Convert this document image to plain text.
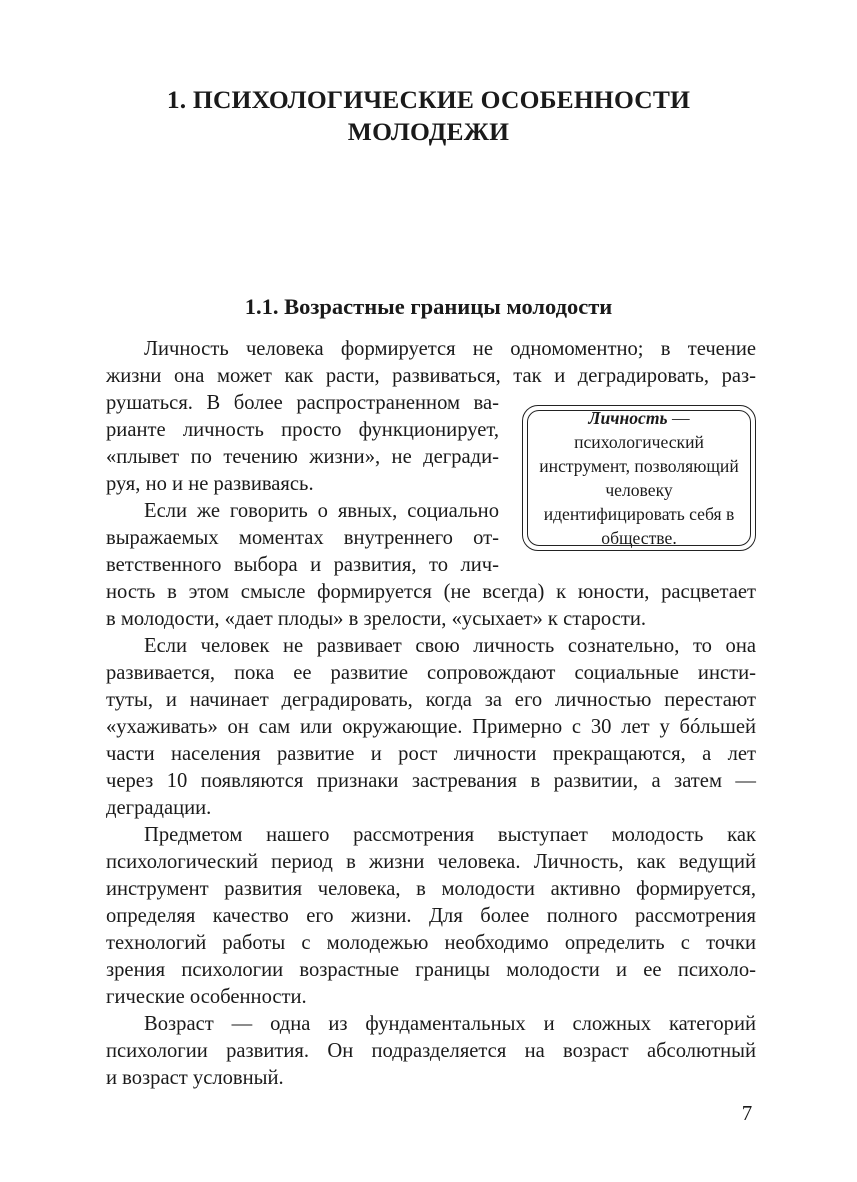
1. ПСИХОЛОГИЧЕСКИЕ ОСОБЕННОСТИ
МОЛОДЕЖИ
1.1. Возрастные границы молодости
Личность человека формируется не одномоментно; в течение
жизни она может как расти, развиваться, так и деградировать, раз-
рушаться. В более распространенном ва-
рианте личность просто функционирует,
«плывет по течению жизни», не дегради-
руя, но и не развиваясь.
Если же говорить о явных, социально
выражаемых моментах внутреннего от-
ветственного выбора и развития, то лич-
ность в этом смысле формируется (не всегда) к юности, расцветает
в молодости, «дает плоды» в зрелости, «усыхает» к старости.
Если человек не развивает свою личность сознательно, то она
развивается, пока ее развитие сопровождают социальные инсти-
туты, и начинает деградировать, когда за его личностью перестают
«ухаживать» он сам или окружающие. Примерно с 30 лет у бóльшей
части населения развитие и рост личности прекращаются, а лет
через 10 появляются признаки застревания в развитии, а затем —
деградации.
Предметом нашего рассмотрения выступает молодость как
психологический период в жизни человека. Личность, как ведущий
инструмент развития человека, в молодости активно формируется,
определяя качество его жизни. Для более полного рассмотрения
технологий работы с молодежью необходимо определить с точки
зрения психологии возрастные границы молодости и ее психоло-
гические особенности.
Возраст — одна из фундаментальных и сложных категорий
психологии развития. Он подразделяется на возраст абсолютный
и возраст условный.
Личность — психологический инструмент, позволяющий человеку идентифицировать себя в обществе.
7
